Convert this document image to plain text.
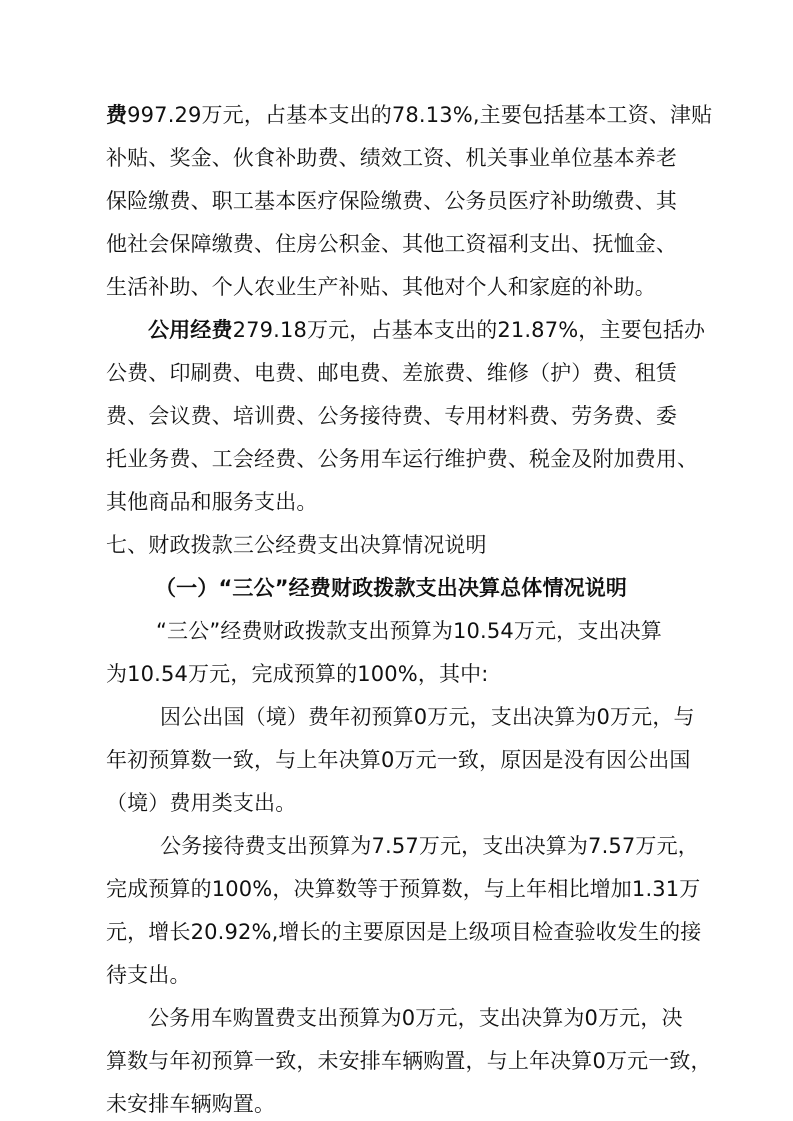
费997.29万元，占基本支出的78.13%,主要包括基本工资、津贴
补贴、奖金、伙食补助费、绩效工资、机关事业单位基本养老
保险缴费、职工基本医疗保险缴费、公务员医疗补助缴费、其
他社会保障缴费、住房公积金、其他工资福利支出、抚恤金、
生活补助、个人农业生产补贴、其他对个人和家庭的补助。
公用经费279.18万元，占基本支出的21.87%，主要包括办
公费、印刷费、电费、邮电费、差旅费、维修（护）费、租赁
费、会议费、培训费、公务接待费、专用材料费、劳务费、委
托业务费、工会经费、公务用车运行维护费、税金及附加费用、
其他商品和服务支出。
七、财政拨款三公经费支出决算情况说明
（一）“三公”经费财政拨款支出决算总体情况说明
“三公”经费财政拨款支出预算为10.54万元，支出决算
为10.54万元，完成预算的100%，其中:
因公出国（境）费年初预算0万元，支出决算为0万元，与
年初预算数一致，与上年决算0万元一致，原因是没有因公出国
（境）费用类支出。
公务接待费支出预算为7.57万元，支出决算为7.57万元，
完成预算的100%，决算数等于预算数，与上年相比增加1.31万
元，增长20.92%,增长的主要原因是上级项目检查验收发生的接
待支出。
公务用车购置费支出预算为0万元，支出决算为0万元，决
算数与年初预算一致，未安排车辆购置，与上年决算0万元一致，
未安排车辆购置。
